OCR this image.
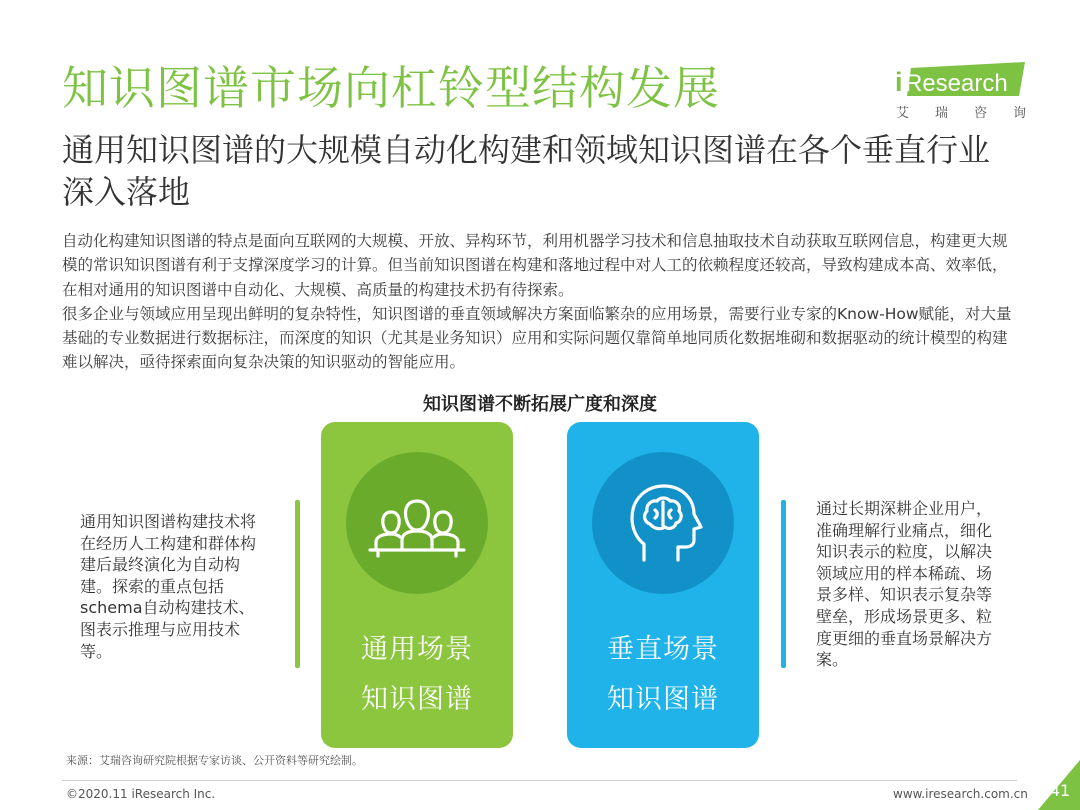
知识图谱市场向杠铃型结构发展
通用知识图谱的大规模自动化构建和领域知识图谱在各个垂直行业深入落地
i Research
艾 瑞 咨 询

自动化构建知识图谱的特点是面向互联网的大规模、开放、异构环节，利用机器学习技术和信息抽取技术自动获取互联网信息，构建更大规模的常识知识图谱有利于支撑深度学习的计算。但当前知识图谱在构建和落地过程中对人工的依赖程度还较高，导致构建成本高、效率低，在相对通用的知识图谱中自动化、大规模、高质量的构建技术扔有待探索。

很多企业与领域应用呈现出鲜明的复杂特性，知识图谱的垂直领域解决方案面临繁杂的应用场景，需要行业专家的Know-How赋能，对大量基础的专业数据进行数据标注，而深度的知识（尤其是业务知识）应用和实际问题仅靠简单地同质化数据堆砌和数据驱动的统计模型的构建难以解决，亟待探索面向复杂决策的知识驱动的智能应用。

知识图谱不断拓展广度和深度
通用知识图谱构建技术将在经历人工构建和群体构建后最终演化为自动构建。探索的重点包括schema自动构建技术、图表示推理与应用技术等。	通用场景
知识图谱
垂直场景
知识图谱
通过长期深耕企业用户，准确理解行业痛点，细化知识表示的粒度，以解决领域应用的样本稀疏、场景多样、知识表示复杂等壁垒，形成场景更多、粒度更细的垂直场景解决方案。
来源：艾瑞咨询研究院根据专家访谈、公开资料等研究绘制。
©2020.11 iResearch Inc.	www.iresearch.com.cn	41
